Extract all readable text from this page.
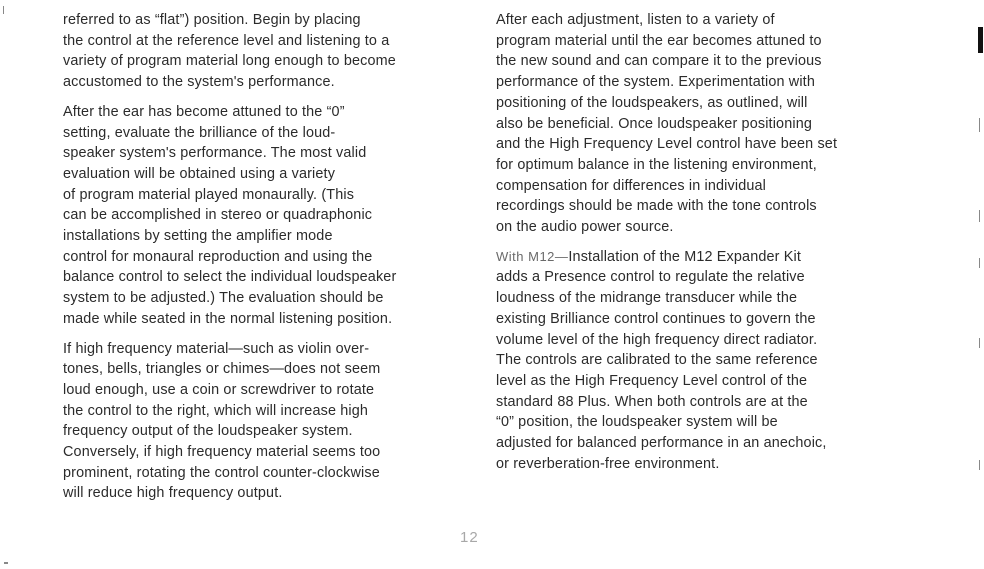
referred to as “flat”) position. Begin by placing
the control at the reference level and listening to a
variety of program material long enough to become
accustomed to the system's performance.

After the ear has become attuned to the “0”
setting, evaluate the brilliance of the loud-
speaker system's performance. The most valid
evaluation will be obtained using a variety
of program material played monaurally. (This
can be accomplished in stereo or quadraphonic
installations by setting the amplifier mode
control for monaural reproduction and using the
balance control to select the individual loudspeaker
system to be adjusted.) The evaluation should be
made while seated in the normal listening position.

If high frequency material—such as violin over-
tones, bells, triangles or chimes—does not seem
loud enough, use a coin or screwdriver to rotate
the control to the right, which will increase high
frequency output of the loudspeaker system.
Conversely, if high frequency material seems too
prominent, rotating the control counter-clockwise
will reduce high frequency output.

After each adjustment, listen to a variety of
program material until the ear becomes attuned to
the new sound and can compare it to the previous
performance of the system. Experimentation with
positioning of the loudspeakers, as outlined, will
also be beneficial. Once loudspeaker positioning
and the High Frequency Level control have been set
for optimum balance in the listening environment,
compensation for differences in individual
recordings should be made with the tone controls
on the audio power source.

With M12—Installation of the M12 Expander Kit
adds a Presence control to regulate the relative
loudness of the midrange transducer while the
existing Brilliance control continues to govern the
volume level of the high frequency direct radiator.
The controls are calibrated to the same reference
level as the High Frequency Level control of the
standard 88 Plus. When both controls are at the
“0” position, the loudspeaker system will be
adjusted for balanced performance in an anechoic,
or reverberation-free environment.

12
